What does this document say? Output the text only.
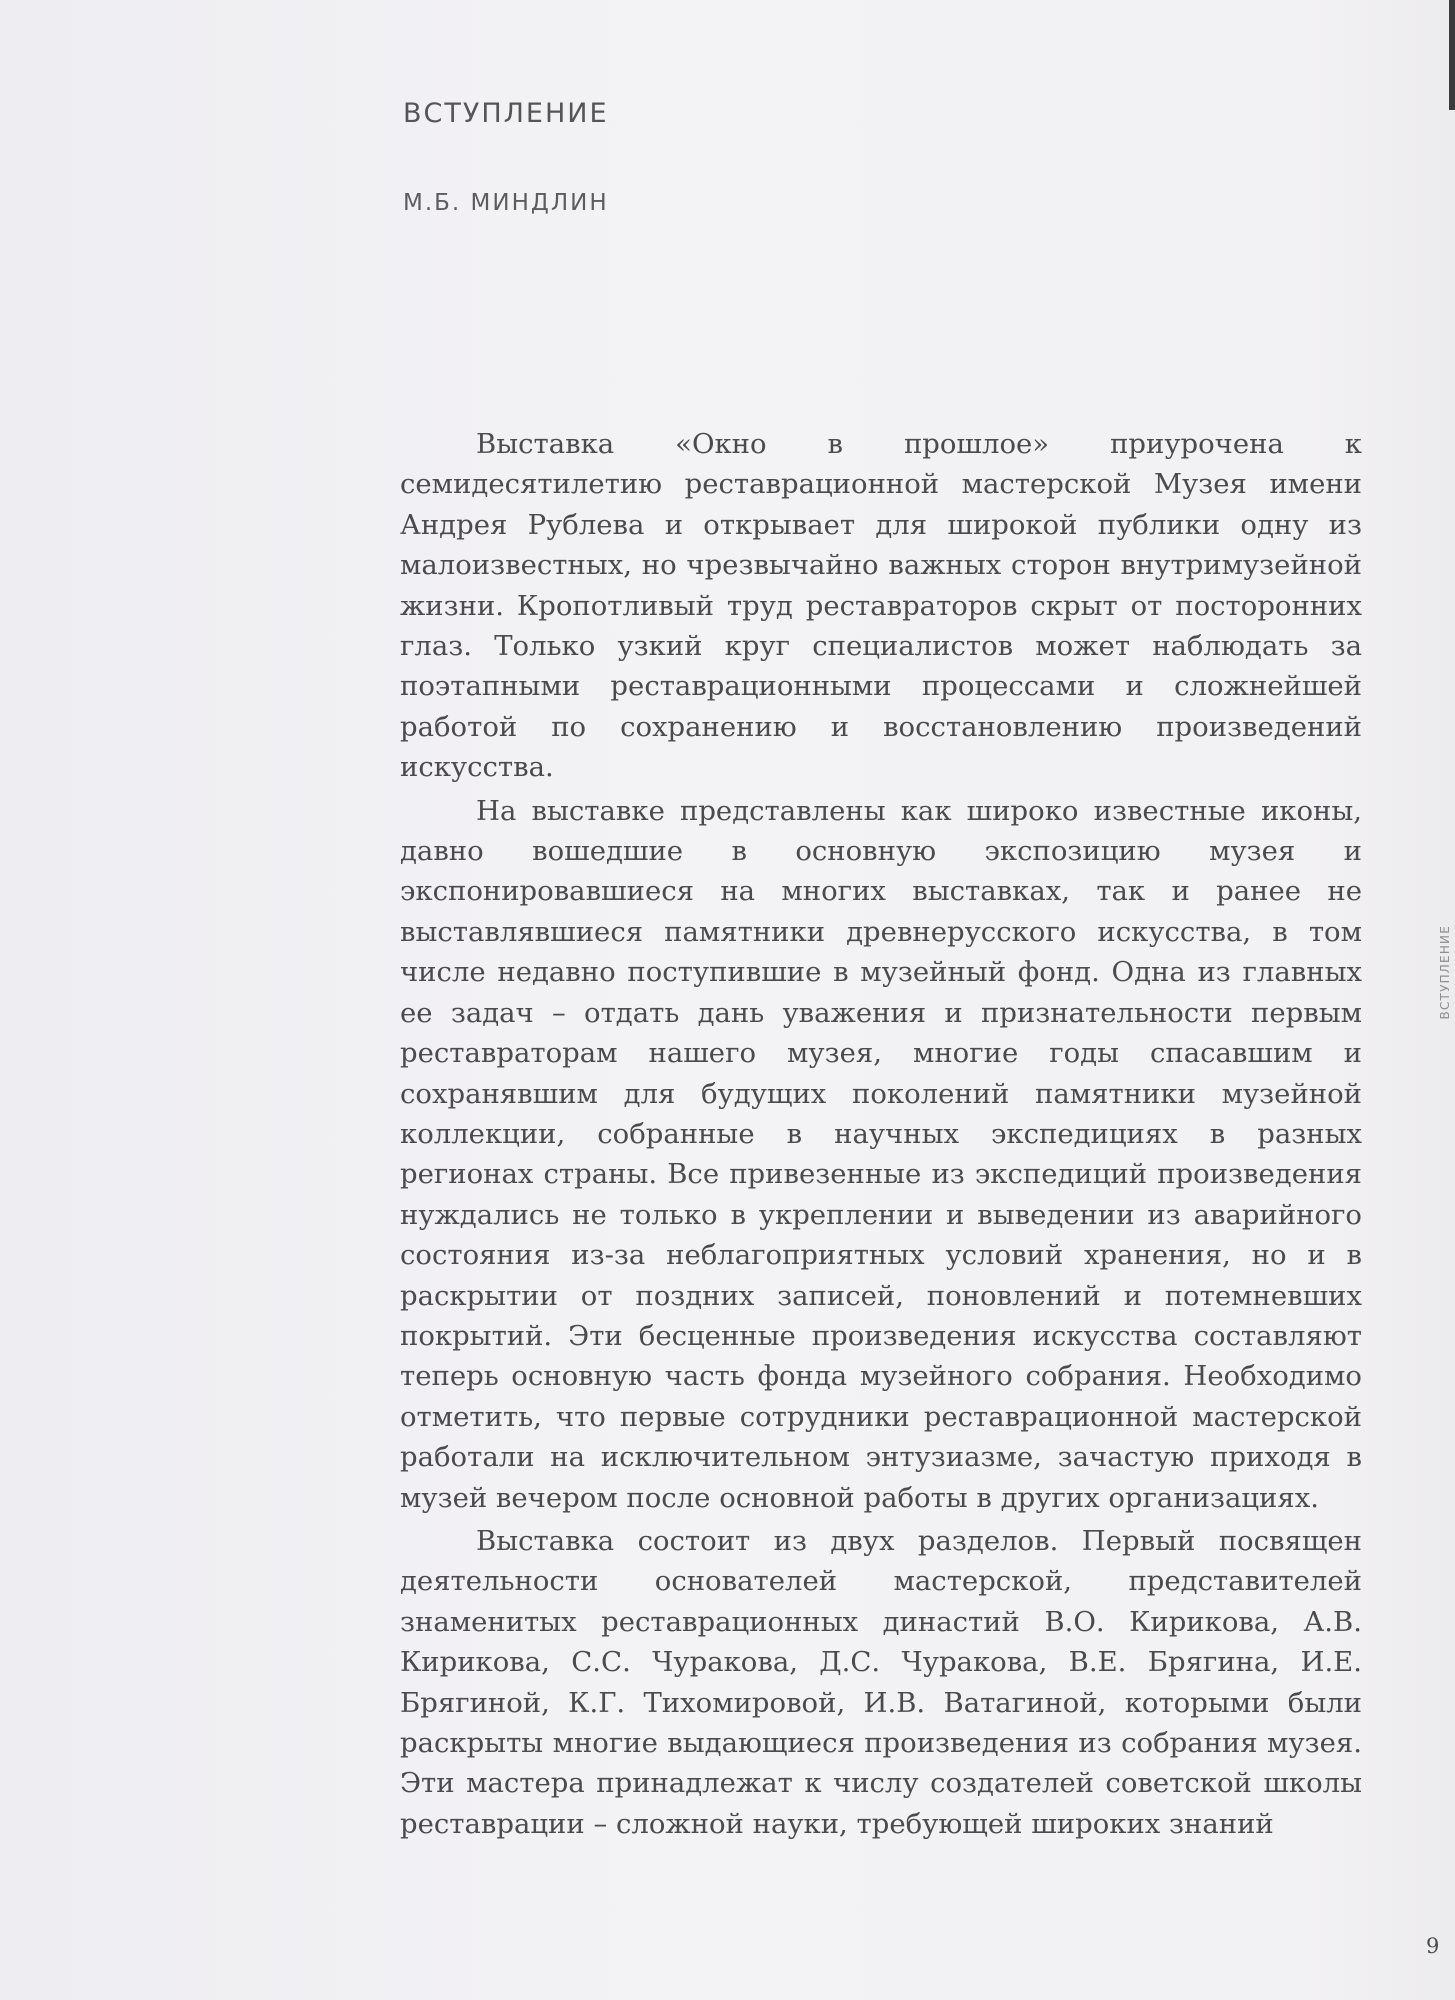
ВСТУПЛЕНИЕ

М.Б. МИНДЛИН

Выставка «Окно в прошлое» приурочена к семидесятилетию реставрационной мастерской Музея имени Андрея Рублева и открывает для широкой публики одну из малоизвестных, но чрезвычайно важных сторон внутримузейной жизни. Кропотливый труд реставраторов скрыт от посторонних глаз. Только узкий круг специалистов может наблюдать за поэтапными реставрационными процессами и сложнейшей работой по сохранению и восстановлению произведений искусства.

На выставке представлены как широко известные иконы, давно вошедшие в основную экспозицию музея и экспонировавшиеся на многих выставках, так и ранее не выставлявшиеся памятники древнерусского искусства, в том числе недавно поступившие в музейный фонд. Одна из главных ее задач – отдать дань уважения и признательности первым реставраторам нашего музея, многие годы спасавшим и сохранявшим для будущих поколений памятники музейной коллекции, собранные в научных экспедициях в разных регионах страны. Все привезенные из экспедиций произведения нуждались не только в укреплении и выведении из аварийного состояния из-за неблагоприятных условий хранения, но и в раскрытии от поздних записей, поновлений и потемневших покрытий. Эти бесценные произведения искусства составляют теперь основную часть фонда музейного собрания. Необходимо отметить, что первые сотрудники реставрационной мастерской работали на исключительном энтузиазме, зачастую приходя в музей вечером после основной работы в других организациях.

Выставка состоит из двух разделов. Первый посвящен деятельности основателей мастерской, представителей знаменитых реставрационных династий В.О. Кирикова, А.В. Кирикова, С.С. Чуракова, Д.С. Чуракова, В.Е. Брягина, И.Е. Брягиной, К.Г. Тихомировой, И.В. Ватагиной, которыми были раскрыты многие выдающиеся произведения из собрания музея. Эти мастера принадлежат к числу создателей советской школы реставрации – сложной науки, требующей широких знаний

ВСТУПЛЕНИЕ
9
